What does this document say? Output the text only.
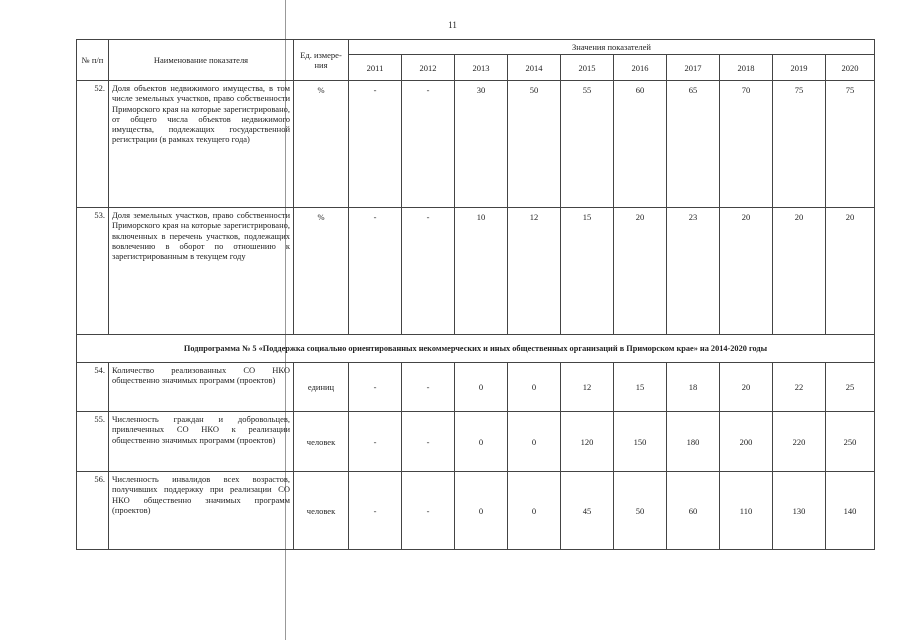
11
№ п/п	Наименование показателя	Ед. измере- ния	Значения показателей									
			2011	2012	2013	2014	2015	2016	2017	2018	2019	2020
52.	Доля объектов недвижимого имущества, в том числе земельных участков, право собственности Приморского края на которые зарегистрировано, от общего числа объектов недвижимого имущества, подлежащих государственной регистрации (в рамках текущего года)	%	-	-	30	50	55	60	65	70	75	75
53.	Доля земельных участков, право собственности Приморского края на которые зарегистрировано, включенных в перечень участков, подлежащих вовлечению в оборот по отношению к зарегистрированным в текущем году	%	-	-	10	12	15	20	23	20	20	20
Подпрограмма № 5 «Поддержка социально ориентированных некоммерческих и иных общественных организаций в Приморском крае» на 2014-2020 годы												
54.	Количество реализованных СО НКО общественно значимых программ (проектов)	единиц	-	-	0	0	12	15	18	20	22	25
55.	Численность граждан и добровольцев, привлеченных СО НКО к реализации общественно значимых программ (проектов)	человек	-	-	0	0	120	150	180	200	220	250
56.	Численность инвалидов всех возрастов, получивших поддержку при реализации СО НКО общественно значимых программ (проектов)	человек	-	-	0	0	45	50	60	110	130	140
